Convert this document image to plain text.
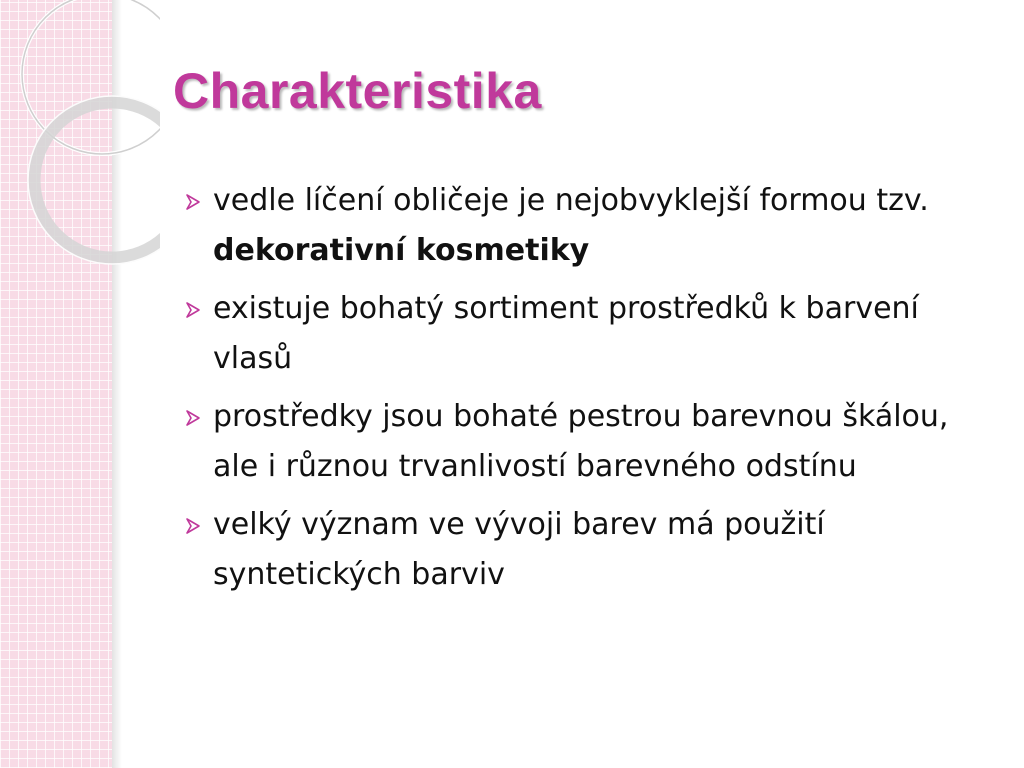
Charakteristika
vedle líčení obličeje je nejobvyklejší formou tzv. dekorativní kosmetiky
existuje bohatý sortiment prostředků k barvení vlasů
prostředky jsou bohaté pestrou barevnou škálou, ale i různou trvanlivostí barevného odstínu
velký význam ve vývoji barev má použití syntetických barviv
